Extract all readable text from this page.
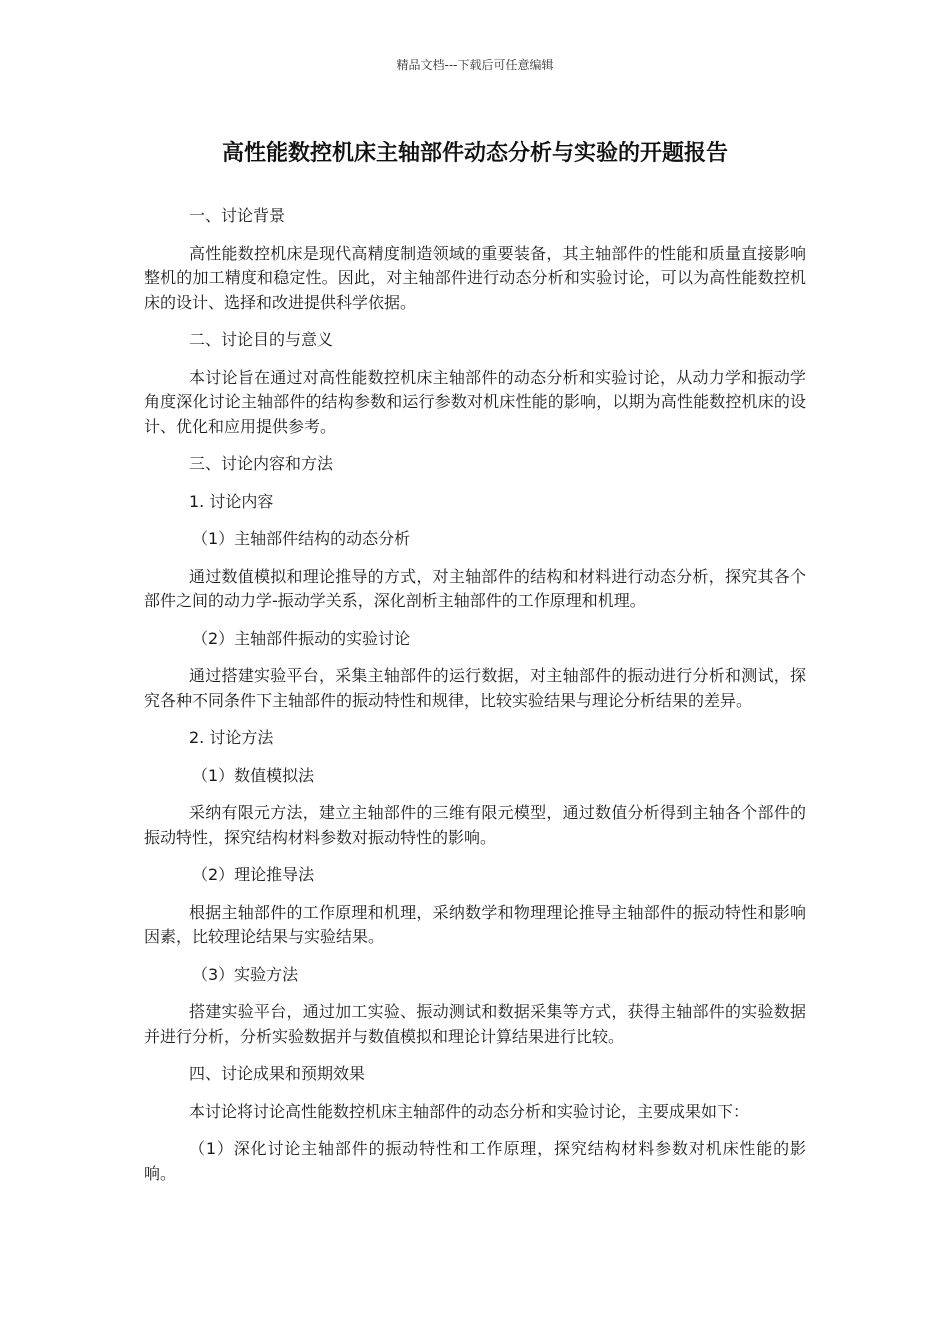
精品文档---下载后可任意编辑
高性能数控机床主轴部件动态分析与实验的开题报告

一、讨论背景

高性能数控机床是现代高精度制造领域的重要装备，其主轴部件的性能和质量直接影响整机的加工精度和稳定性。因此，对主轴部件进行动态分析和实验讨论，可以为高性能数控机床的设计、选择和改进提供科学依据。

二、讨论目的与意义

本讨论旨在通过对高性能数控机床主轴部件的动态分析和实验讨论，从动力学和振动学角度深化讨论主轴部件的结构参数和运行参数对机床性能的影响，以期为高性能数控机床的设计、优化和应用提供参考。

三、讨论内容和方法

1. 讨论内容

（1）主轴部件结构的动态分析

通过数值模拟和理论推导的方式，对主轴部件的结构和材料进行动态分析，探究其各个部件之间的动力学-振动学关系，深化剖析主轴部件的工作原理和机理。

（2）主轴部件振动的实验讨论

通过搭建实验平台，采集主轴部件的运行数据，对主轴部件的振动进行分析和测试，探究各种不同条件下主轴部件的振动特性和规律，比较实验结果与理论分析结果的差异。

2. 讨论方法

（1）数值模拟法

采纳有限元方法，建立主轴部件的三维有限元模型，通过数值分析得到主轴各个部件的振动特性，探究结构材料参数对振动特性的影响。

（2）理论推导法

根据主轴部件的工作原理和机理，采纳数学和物理理论推导主轴部件的振动特性和影响因素，比较理论结果与实验结果。

（3）实验方法

搭建实验平台，通过加工实验、振动测试和数据采集等方式，获得主轴部件的实验数据并进行分析，分析实验数据并与数值模拟和理论计算结果进行比较。

四、讨论成果和预期效果

本讨论将讨论高性能数控机床主轴部件的动态分析和实验讨论，主要成果如下：

（1）深化讨论主轴部件的振动特性和工作原理，探究结构材料参数对机床性能的影响。
